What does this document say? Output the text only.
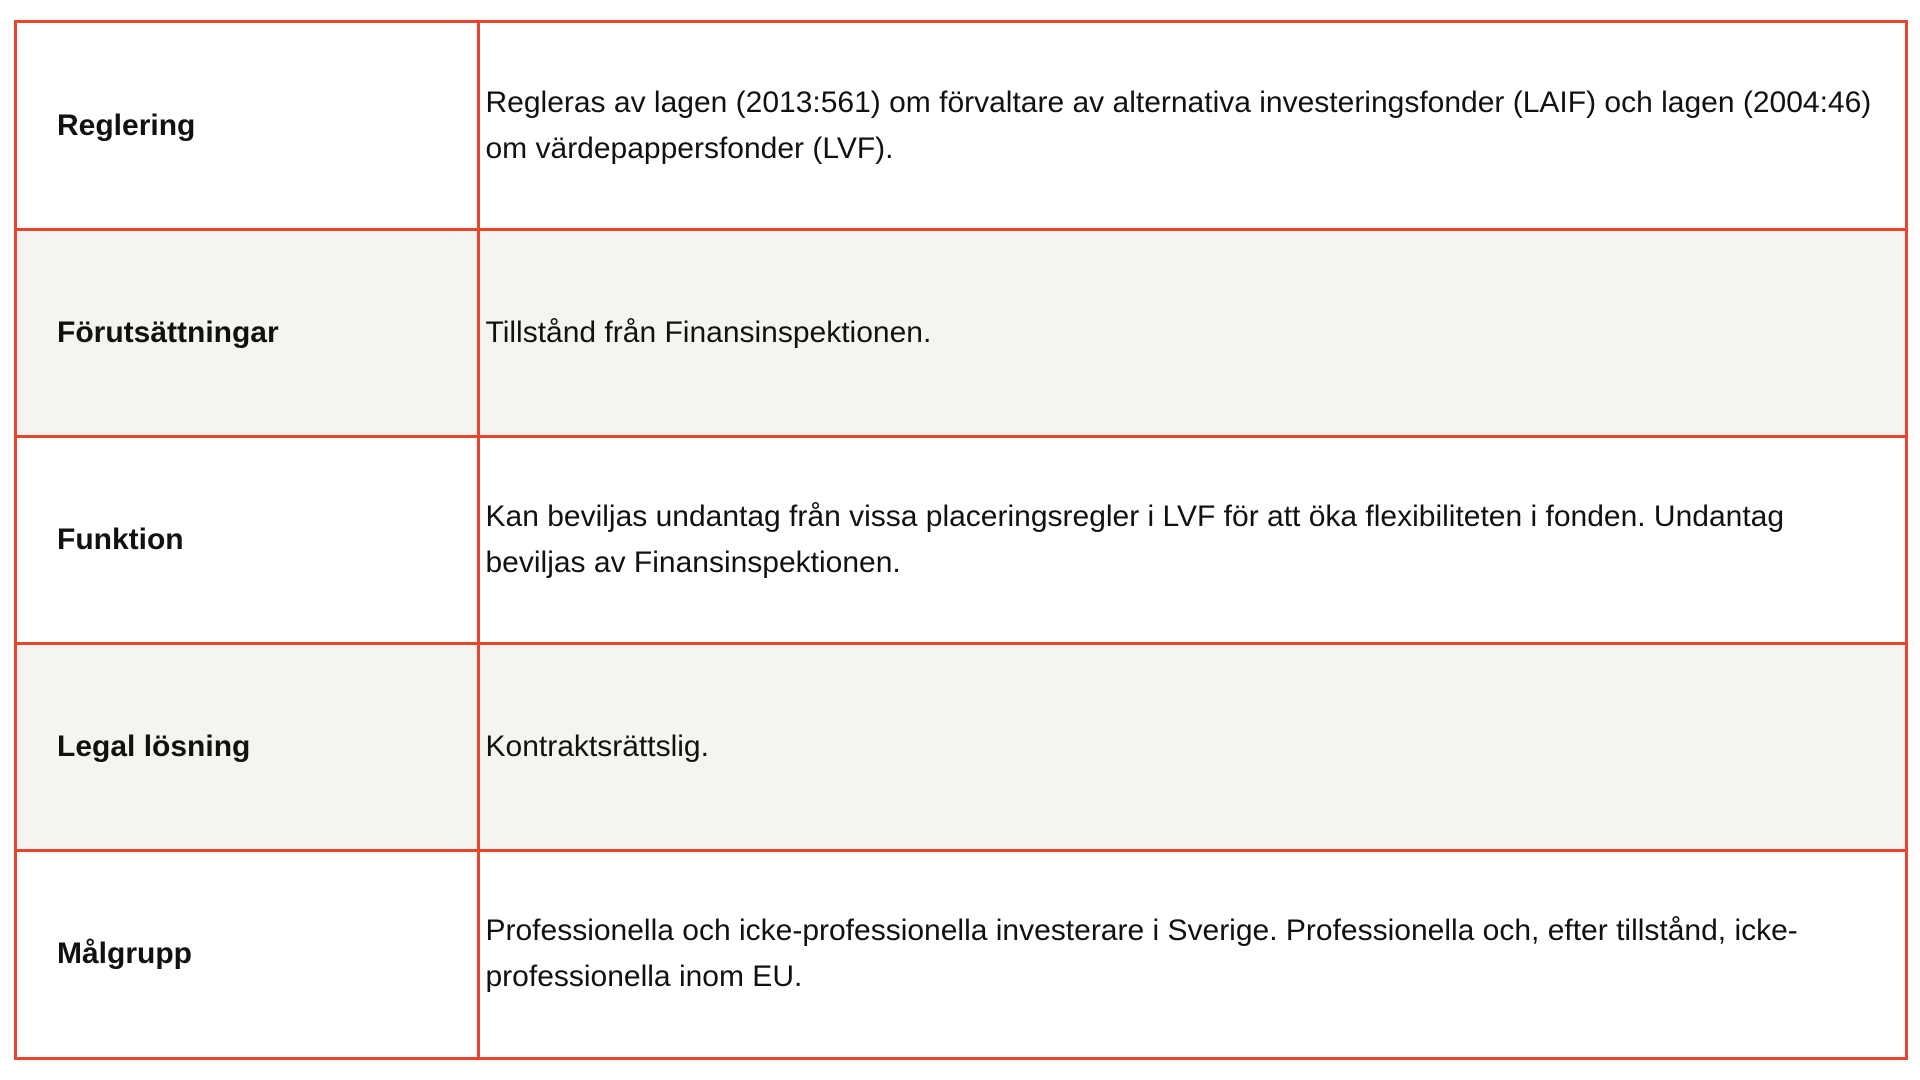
Reglering	Regleras av lagen (2013:561) om förvaltare av alternativa investeringsfonder (LAIF) och lagen (2004:46) om värdepappersfonder (LVF).
Förutsättningar	Tillstånd från Finansinspektionen.
Funktion	Kan beviljas undantag från vissa placeringsregler i LVF för att öka flexibiliteten i fonden. Undantag beviljas av Finansinspektionen.
Legal lösning	Kontraktsrättslig.
Målgrupp	Professionella och icke-professionella investerare i Sverige. Professionella och, efter tillstånd, icke-professionella inom EU.
